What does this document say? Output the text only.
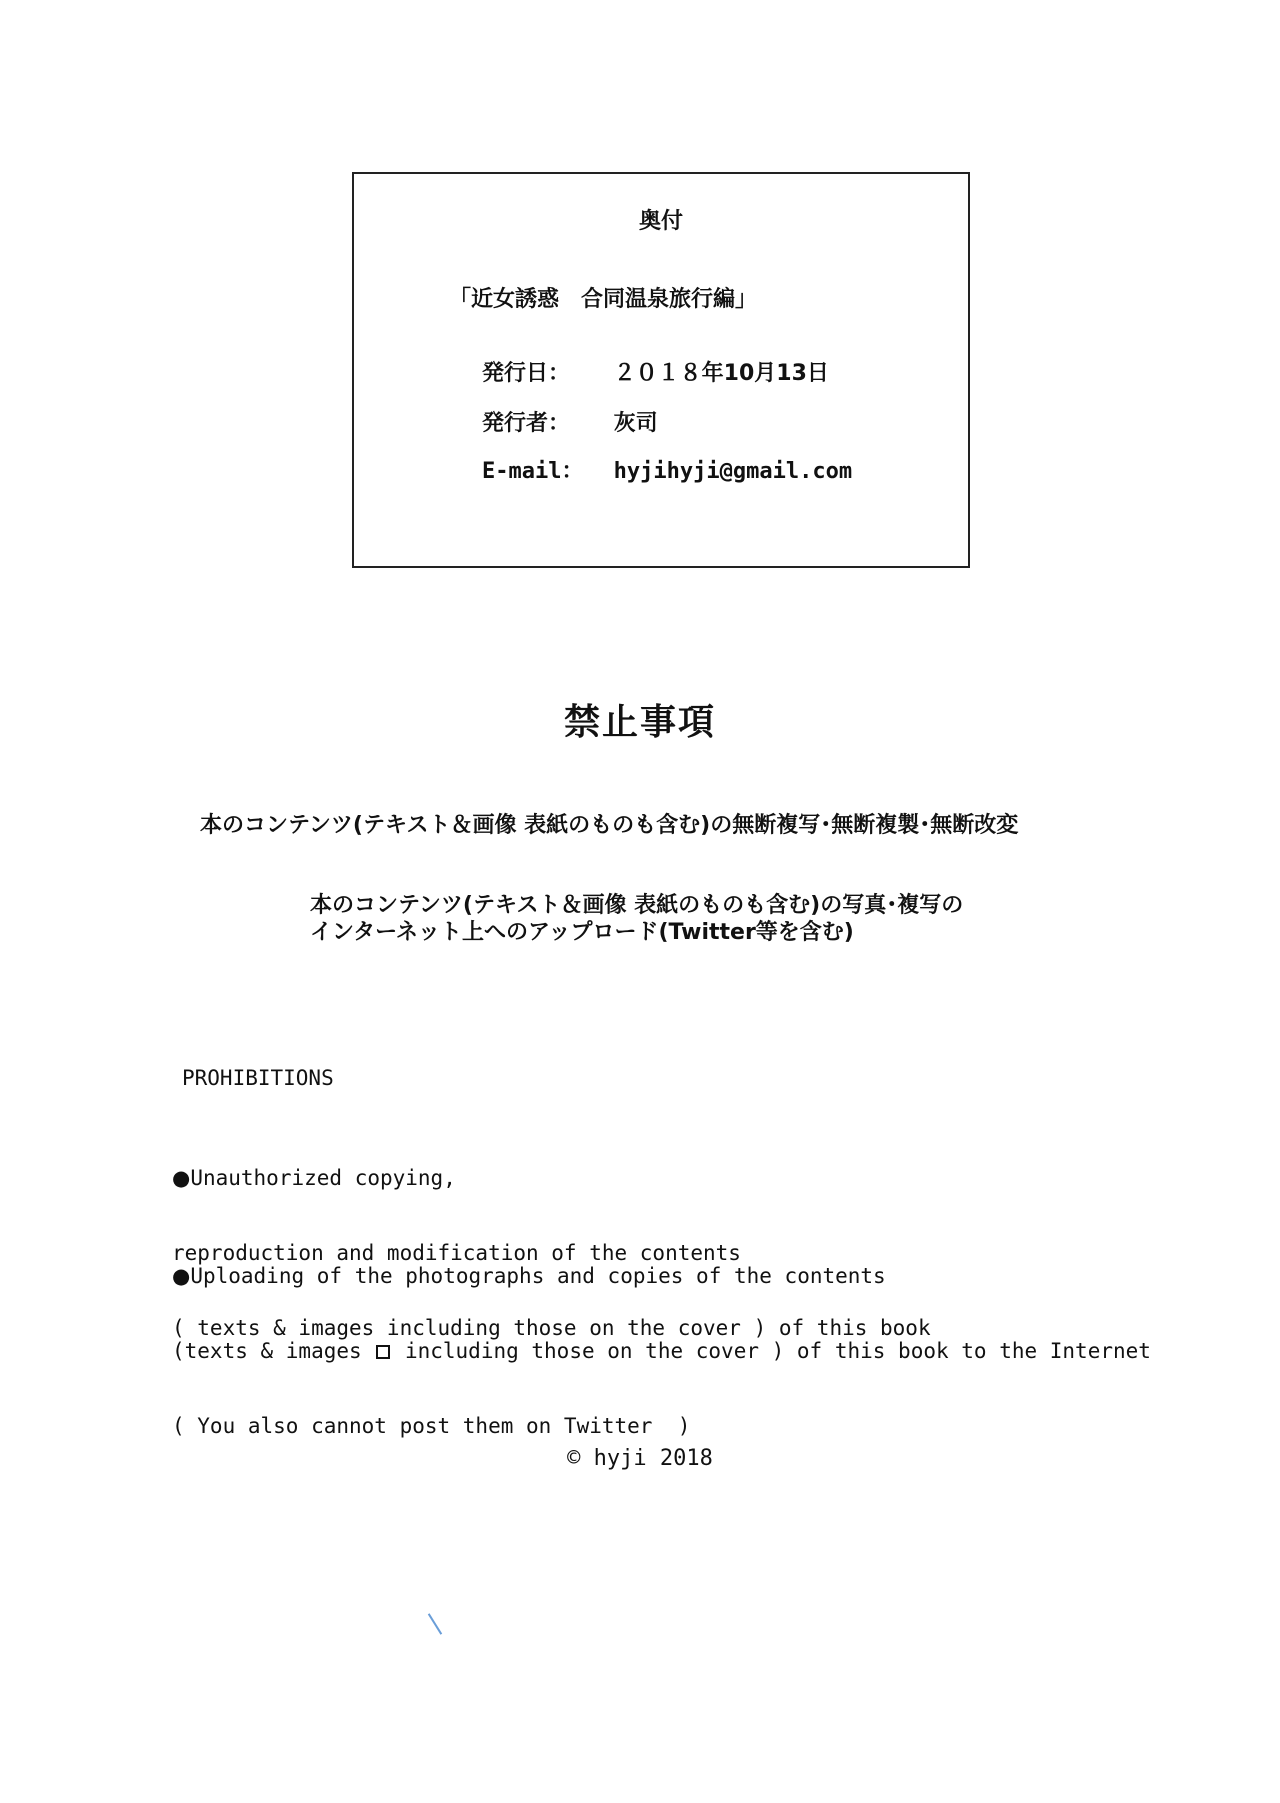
奥付
「近女誘惑　合同温泉旅行編」
発行日： ２０１８年10月13日
発行者： 灰司
E-mail： hyjihyji@gmail.com
禁止事項
本のコンテンツ(テキスト＆画像 表紙のものも含む)の無断複写･無断複製･無断改変
本のコンテンツ(テキスト＆画像 表紙のものも含む)の写真･複写の
インターネット上へのアップロード(Twitter等を含む)
PROHIBITIONS

●Unauthorized copying,

reproduction and modification of the contents

( texts & images including those on the cover ) of this book

●Uploading of the photographs and copies of the contents

(texts & images including those on the cover ) of this book to the Internet

( You also cannot post them on Twitter  )

© hyji 2018
